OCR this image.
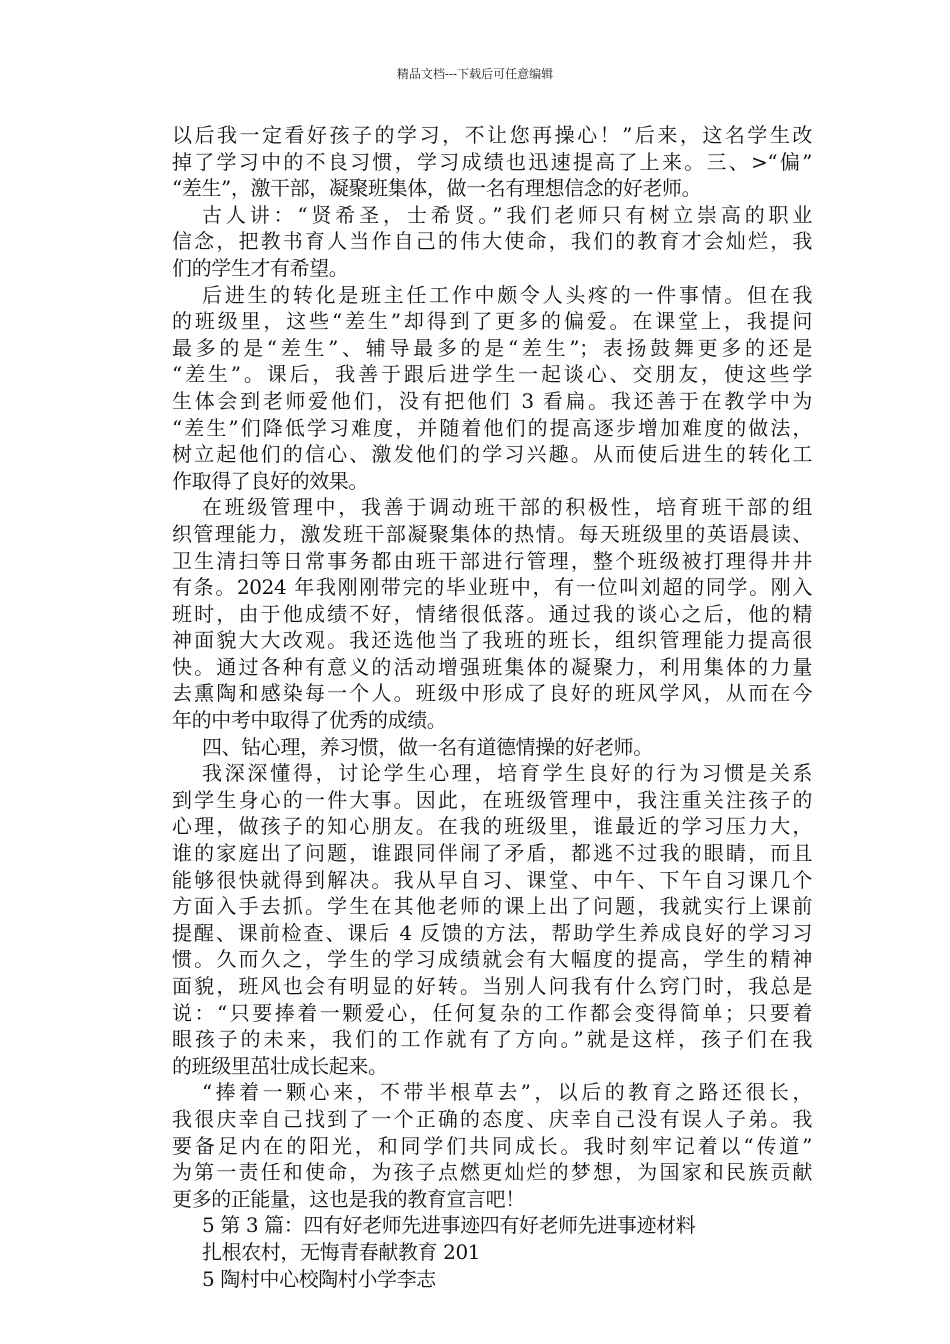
精品文档---下载后可任意编辑
以后我一定看好孩子的学习，不让您再操心！”后来，这名学生改
掉了学习中的不良习惯，学习成绩也迅速提高了上来。三、>“偏”
“差生”，激干部，凝聚班集体，做一名有理想信念的好老师。
古人讲：“贤希圣，士希贤。”我们老师只有树立崇高的职业
信念，把教书育人当作自己的伟大使命，我们的教育才会灿烂，我
们的学生才有希望。
后进生的转化是班主任工作中颇令人头疼的一件事情。但在我
的班级里，这些“差生”却得到了更多的偏爱。在课堂上，我提问
最多的是“差生”、辅导最多的是“差生”；表扬鼓舞更多的还是
“差生”。课后，我善于跟后进学生一起谈心、交朋友，使这些学
生体会到老师爱他们，没有把他们 3 看扁。我还善于在教学中为
“差生”们降低学习难度，并随着他们的提高逐步增加难度的做法，
树立起他们的信心、激发他们的学习兴趣。从而使后进生的转化工
作取得了良好的效果。
在班级管理中，我善于调动班干部的积极性，培育班干部的组
织管理能力，激发班干部凝聚集体的热情。每天班级里的英语晨读、
卫生清扫等日常事务都由班干部进行管理，整个班级被打理得井井
有条。2024 年我刚刚带完的毕业班中，有一位叫刘超的同学。刚入
班时，由于他成绩不好，情绪很低落。通过我的谈心之后，他的精
神面貌大大改观。我还选他当了我班的班长，组织管理能力提高很
快。通过各种有意义的活动增强班集体的凝聚力，利用集体的力量
去熏陶和感染每一个人。班级中形成了良好的班风学风，从而在今
年的中考中取得了优秀的成绩。
四、钻心理，养习惯，做一名有道德情操的好老师。
我深深懂得，讨论学生心理，培育学生良好的行为习惯是关系
到学生身心的一件大事。因此，在班级管理中，我注重关注孩子的
心理，做孩子的知心朋友。在我的班级里，谁最近的学习压力大，
谁的家庭出了问题，谁跟同伴闹了矛盾，都逃不过我的眼睛，而且
能够很快就得到解决。我从早自习、课堂、中午、下午自习课几个
方面入手去抓。学生在其他老师的课上出了问题，我就实行上课前
提醒、课前检查、课后 4 反馈的方法，帮助学生养成良好的学习习
惯。久而久之，学生的学习成绩就会有大幅度的提高，学生的精神
面貌，班风也会有明显的好转。当别人问我有什么窍门时，我总是
说：“只要捧着一颗爱心，任何复杂的工作都会变得简单；只要着
眼孩子的未来，我们的工作就有了方向。”就是这样，孩子们在我
的班级里茁壮成长起来。
“捧着一颗心来，不带半根草去”，以后的教育之路还很长，
我很庆幸自己找到了一个正确的态度、庆幸自己没有误人子弟。我
要备足内在的阳光，和同学们共同成长。我时刻牢记着以“传道”
为第一责任和使命，为孩子点燃更灿烂的梦想，为国家和民族贡献
更多的正能量，这也是我的教育宣言吧！
5 第 3 篇：四有好老师先进事迹四有好老师先进事迹材料
扎根农村，无悔青春献教育 201
5 陶村中心校陶村小学李志
